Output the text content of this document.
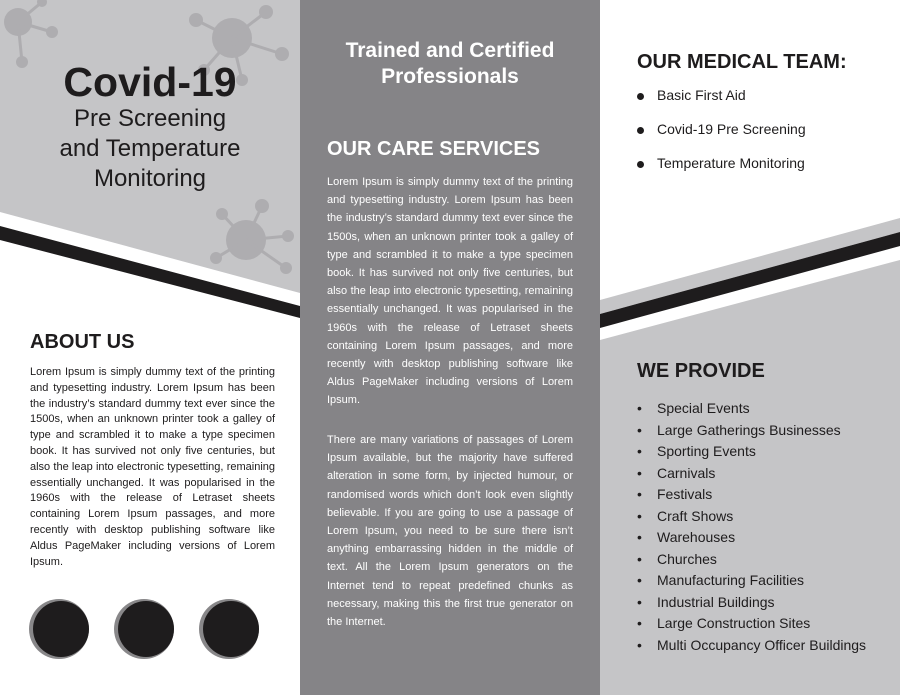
Covid-19
Pre Screening
and Temperature
Monitoring
ABOUT US
Lorem Ipsum is simply dummy text of the printing and typesetting industry. Lorem Ipsum has been the industry’s standard dummy text ever since the 1500s, when an unknown printer took a galley of type and scrambled it to make a type specimen book. It has survived not only five centuries, but also the leap into electronic typesetting, remaining essentially unchanged. It was popularised in the 1960s with the release of Letraset sheets containing Lorem Ipsum passages, and more recently with desktop publishing software like Aldus PageMaker including versions of Lorem Ipsum.
Trained and Certified
Professionals
OUR CARE SERVICES
Lorem Ipsum is simply dummy text of the printing and typesetting industry. Lorem Ipsum has been the industry’s standard dummy text ever since the 1500s, when an unknown printer took a galley of type and scrambled it to make a type specimen book. It has survived not only five centuries, but also the leap into electronic typesetting, remaining essentially unchanged. It was popularised in the 1960s with the release of Letraset sheets containing Lorem Ipsum passages, and more recently with desktop publishing software like Aldus PageMaker including versions of Lorem Ipsum.
There are many variations of passages of Lorem Ipsum available, but the majority have suffered alteration in some form, by injected humour, or randomised words which don’t look even slightly believable. If you are going to use a passage of Lorem Ipsum, you need to be sure there isn’t anything embarrassing hidden in the middle of text. All the Lorem Ipsum generators on the Internet tend to repeat predefined chunks as necessary, making this the first true generator on the Internet.
OUR MEDICAL TEAM:
Basic First Aid
Covid-19 Pre Screening
Temperature Monitoring
WE PROVIDE
•	Special Events
•	Large Gatherings Businesses
•	Sporting Events
•	Carnivals
•	Festivals
•	Craft Shows
•	Warehouses
•	Churches
•	Manufacturing Facilities
•	Industrial Buildings
•	Large Construction Sites
•	Multi Occupancy Officer Buildings
